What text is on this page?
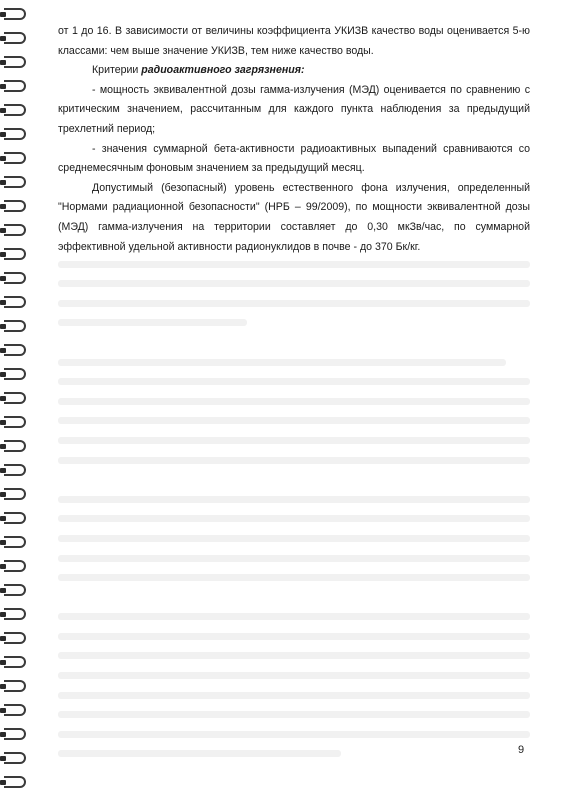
от 1 до 16. В зависимости от величины коэффициента УКИЗВ качество воды оценивается 5-ю классами: чем выше значение УКИЗВ, тем ниже качество воды.

Критерии радиоактивного загрязнения:

- мощность эквивалентной дозы гамма-излучения (МЭД) оценивается по сравнению с критическим значением, рассчитанным для каждого пункта наблюдения за предыдущий трехлетний период;

- значения суммарной бета-активности радиоактивных выпадений сравниваются со среднемесячным фоновым значением за предыдущий месяц.

Допустимый (безопасный) уровень естественного фона излучения, определенный "Нормами радиационной безопасности" (НРБ – 99/2009), по мощности эквивалентной дозы (МЭД) гамма-излучения на территории составляет до 0,30 мкЗв/час, по суммарной эффективной удельной активности радионуклидов в почве - до 370 Бк/кг.

9
